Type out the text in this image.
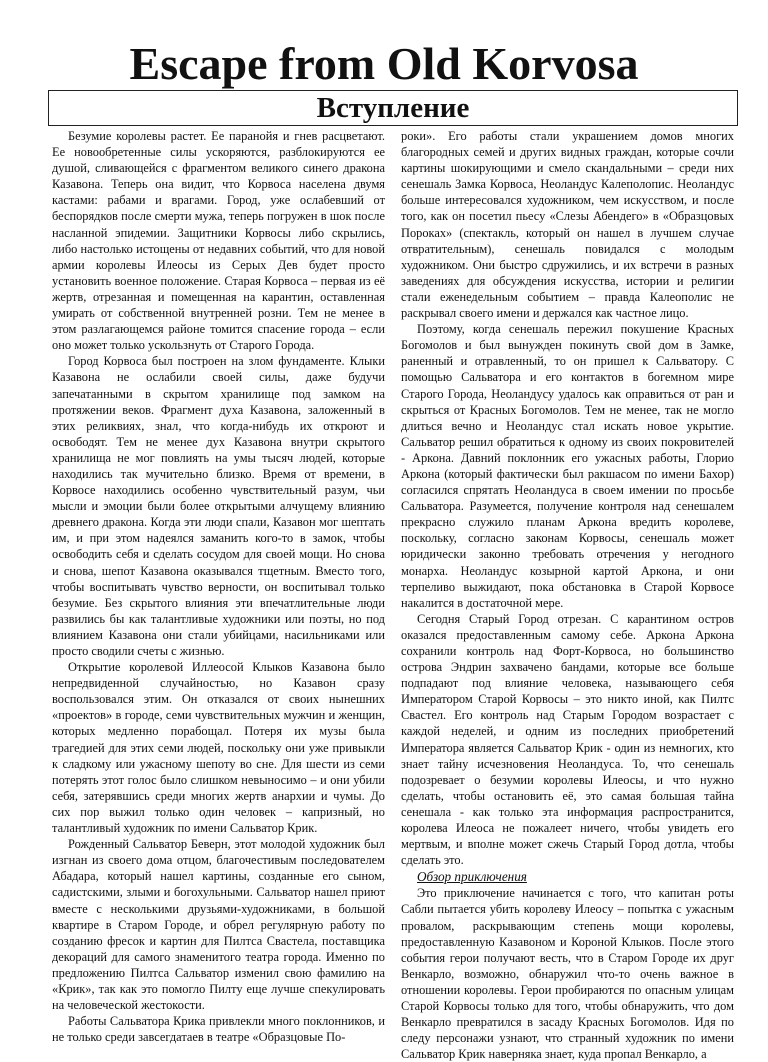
Escape from Old Korvosa
Вступление

Безумие королевы растет. Ее паранойя и гнев расцветают. Ее новообретенные силы ускоряются, разблокируются ее душой, сливающейся с фрагментом великого синего дракона Казавона. Теперь она видит, что Корвоса населена двумя кастами: рабами и врагами. Город, уже ослабевший от беспорядков после смерти мужа, теперь погружен в шок после насланной эпидемии. Защитники Корвосы либо скрылись, либо настолько истощены от недавних событий, что для новой армии королевы Илеосы из Серых Дев будет просто установить военное положение. Старая Корвоса – первая из её жертв, отрезанная и помещенная на карантин, оставленная умирать от собственной внутренней розни. Тем не менее в этом разлагающемся районе томится спасение города – если оно может только ускользнуть от Старого Города.

Город Корвоса был построен на злом фундаменте. Клыки Казавона не ослабили своей силы, даже будучи запечатанными в скрытом хранилище под замком на протяжении веков. Фрагмент духа Казавона, заложенный в этих реликвиях, знал, что когда-нибудь их откроют и освободят. Тем не менее дух Казавона внутри скрытого хранилища не мог повлиять на умы тысяч людей, которые находились так мучительно близко. Время от времени, в Корвосе находились особенно чувствительный разум, чьи мысли и эмоции были более открытыми алчущему влиянию древнего дракона. Когда эти люди спали, Казавон мог шептать им, и при этом надеялся заманить кого-то в замок, чтобы освободить себя и сделать сосудом для своей мощи. Но снова и снова, шепот Казавона оказывался тщетным. Вместо того, чтобы воспитывать чувство верности, он воспитывал только безумие. Без скрытого влияния эти впечатлительные люди развились бы как талантливые художники или поэты, но под влиянием Казавона они стали убийцами, насильниками или просто сводили счеты с жизнью.

Открытие королевой Иллеосой Клыков Казавона было непредвиденной случайностью, но Казавон сразу воспользовался этим. Он отказался от своих нынешних «проектов» в городе, семи чувствительных мужчин и женщин, которых медленно порабощал. Потеря их музы была трагедией для этих семи людей, поскольку они уже привыкли к сладкому или ужасному шепоту во сне. Для шести из семи потерять этот голос было слишком невыносимо – и они убили себя, затерявшись среди многих жертв анархии и чумы. До сих пор выжил только один человек – капризный, но талантливый художник по имени Сальватор Крик.

Рожденный Сальватор Беверн, этот молодой художник был изгнан из своего дома отцом, благочестивым последователем Абадара, который нашел картины, созданные его сыном, садистскими, злыми и богохульными. Сальватор нашел приют вместе с несколькими друзьями-художниками, в большой квартире в Старом Городе, и обрел регулярную работу по созданию фресок и картин для Пилтса Свастела, поставщика декораций для самого знаменитого театра города. Именно по предложению Пилтса Сальватор изменил свою фамилию на «Крик», так как это помогло Пилту еще лучше спекулировать на человеческой жестокости.

Работы Сальватора Крика привлекли много поклонников, и не только среди завсегдатаев в театре «Образцовые По-

роки». Его работы стали украшением домов многих благородных семей и других видных граждан, которые сочли картины шокирующими и смело скандальными – среди них сенешаль Замка Корвоса, Неоландус Калеполопис. Неоландус больше интересовался художником, чем искусством, и после того, как он посетил пьесу «Слезы Абендего» в «Образцовых Пороках» (спектакль, который он нашел в лучшем случае отвратительным), сенешаль повидался с молодым художником. Они быстро сдружились, и их встречи в разных заведениях для обсуждения искусства, истории и религии стали еженедельным событием – правда Калеополис не раскрывал своего имени и держался как частное лицо.

Поэтому, когда сенешаль пережил покушение Красных Богомолов и был вынужден покинуть свой дом в Замке, раненный и отравленный, то он пришел к Сальватору. С помощью Сальватора и его контактов в богемном мире Старого Города, Неоландусу удалось как оправиться от ран и скрыться от Красных Богомолов. Тем не менее, так не могло длиться вечно и Неоландус стал искать новое укрытие. Сальватор решил обратиться к одному из своих покровителей - Аркона. Давний поклонник его ужасных работы, Глорио Аркона (который фактически был ракшасом по имени Бахор) согласился спрятать Неоландуса в своем имении по просьбе Сальватора. Разумеется, получение контроля над сенешалем прекрасно служило планам Аркона вредить королеве, поскольку, согласно законам Корвосы, сенешаль может юридически законно требовать отречения у негодного монарха. Неоландус козырной картой Аркона, и они терпеливо выжидают, пока обстановка в Старой Корвосе накалится в достаточной мере.

Сегодня Старый Город отрезан. С карантином остров оказался предоставленным самому себе. Аркона Аркона сохранили контроль над Форт-Корвоса, но большинство острова Эндрин захвачено бандами, которые все больше подпадают под влияние человека, называющего себя Императором Старой Корвосы – это никто иной, как Пилтс Свастел. Его контроль над Старым Городом возрастает с каждой неделей, и одним из последних приобретений Императора является Сальватор Крик - один из немногих, кто знает тайну исчезновения Неоландуса. То, что сенешаль подозревает о безумии королевы Илеосы, и что нужно сделать, чтобы остановить её, это самая большая тайна сенешала - как только эта информация распространится, королева Илеоса не пожалеет ничего, чтобы увидеть его мертвым, и вполне может сжечь Старый Город дотла, чтобы сделать это.

Обзор приключения

Это приключение начинается с того, что капитан роты Сабли пытается убить королеву Илеосу – попытка с ужасным провалом, раскрывающим степень мощи королевы, предоставленную Казавоном и Короной Клыков. После этого события герои получают весть, что в Старом Городе их друг Венкарло, возможно, обнаружил что-то очень важное в отношении королевы. Герои пробираются по опасным улицам Старой Корвосы только для того, чтобы обнаружить, что дом Венкарло превратился в засаду Красных Богомолов. Идя по следу персонажи узнают, что странный художник по имени Сальватор Крик наверняка знает, куда пропал Венкарло, а
